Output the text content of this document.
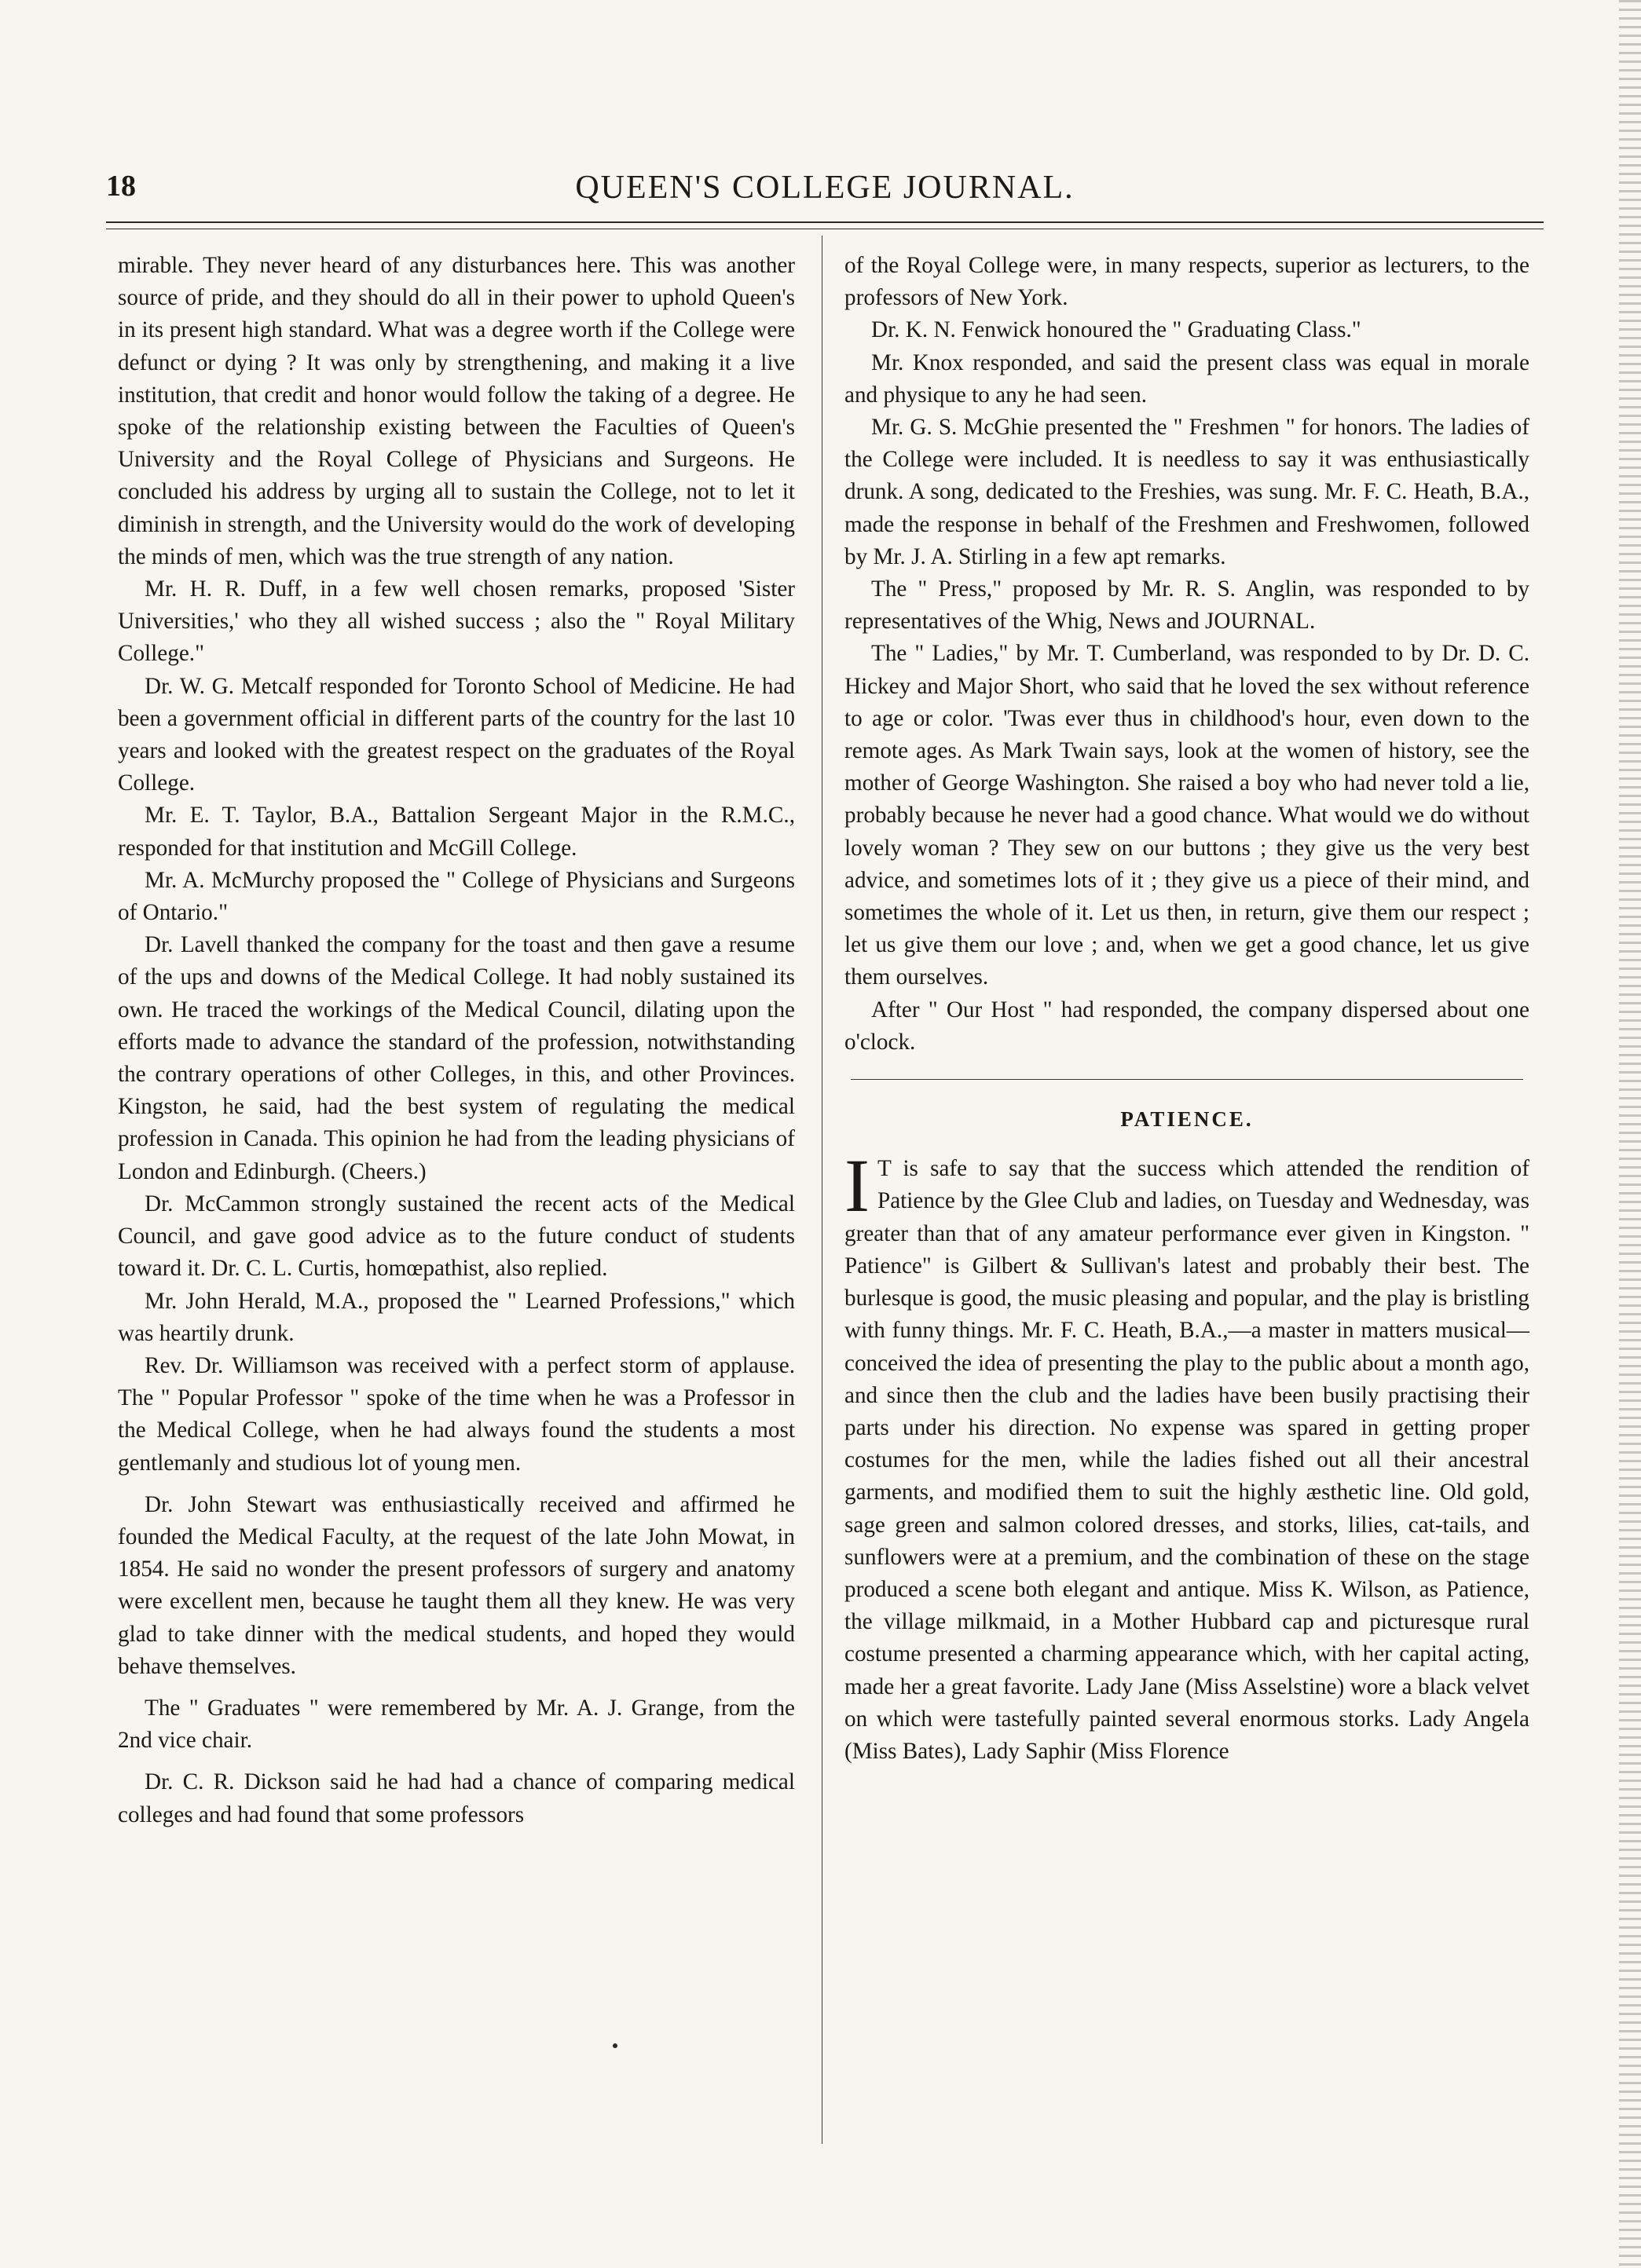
18	QUEEN'S COLLEGE JOURNAL.

mirable. They never heard of any disturbances here. This was another source of pride, and they should do all in their power to uphold Queen's in its present high standard. What was a degree worth if the College were defunct or dying ? It was only by strengthening, and making it a live institution, that credit and honor would follow the taking of a degree. He spoke of the relationship existing between the Faculties of Queen's University and the Royal College of Physicians and Surgeons. He concluded his address by urging all to sustain the College, not to let it diminish in strength, and the University would do the work of developing the minds of men, which was the true strength of any nation.

Mr. H. R. Duff, in a few well chosen remarks, proposed 'Sister Universities,' who they all wished success ; also the " Royal Military College."

Dr. W. G. Metcalf responded for Toronto School of Medicine. He had been a government official in different parts of the country for the last 10 years and looked with the greatest respect on the graduates of the Royal College.

Mr. E. T. Taylor, B.A., Battalion Sergeant Major in the R.M.C., responded for that institution and McGill College.

Mr. A. McMurchy proposed the " College of Physicians and Surgeons of Ontario."

Dr. Lavell thanked the company for the toast and then gave a resume of the ups and downs of the Medical College. It had nobly sustained its own. He traced the workings of the Medical Council, dilating upon the efforts made to advance the standard of the profession, notwithstanding the contrary operations of other Colleges, in this, and other Provinces. Kingston, he said, had the best system of regulating the medical profession in Canada. This opinion he had from the leading physicians of London and Edinburgh. (Cheers.)

Dr. McCammon strongly sustained the recent acts of the Medical Council, and gave good advice as to the future conduct of students toward it. Dr. C. L. Curtis, homœpathist, also replied.

Mr. John Herald, M.A., proposed the " Learned Professions," which was heartily drunk.

Rev. Dr. Williamson was received with a perfect storm of applause. The " Popular Professor " spoke of the time when he was a Professor in the Medical College, when he had always found the students a most gentlemanly and studious lot of young men.

Dr. John Stewart was enthusiastically received and affirmed he founded the Medical Faculty, at the request of the late John Mowat, in 1854. He said no wonder the present professors of surgery and anatomy were excellent men, because he taught them all they knew. He was very glad to take dinner with the medical students, and hoped they would behave themselves.

The " Graduates " were remembered by Mr. A. J. Grange, from the 2nd vice chair.

Dr. C. R. Dickson said he had had a chance of comparing medical colleges and had found that some professors

of the Royal College were, in many respects, superior as lecturers, to the professors of New York.

Dr. K. N. Fenwick honoured the " Graduating Class."

Mr. Knox responded, and said the present class was equal in morale and physique to any he had seen.

Mr. G. S. McGhie presented the " Freshmen " for honors. The ladies of the College were included. It is needless to say it was enthusiastically drunk. A song, dedicated to the Freshies, was sung. Mr. F. C. Heath, B.A., made the response in behalf of the Freshmen and Freshwomen, followed by Mr. J. A. Stirling in a few apt remarks.

The " Press," proposed by Mr. R. S. Anglin, was responded to by representatives of the Whig, News and JOURNAL.

The " Ladies," by Mr. T. Cumberland, was responded to by Dr. D. C. Hickey and Major Short, who said that he loved the sex without reference to age or color. 'Twas ever thus in childhood's hour, even down to the remote ages. As Mark Twain says, look at the women of history, see the mother of George Washington. She raised a boy who had never told a lie, probably because he never had a good chance. What would we do without lovely woman ? They sew on our buttons ; they give us the very best advice, and sometimes lots of it ; they give us a piece of their mind, and sometimes the whole of it. Let us then, in return, give them our respect ; let us give them our love ; and, when we get a good chance, let us give them ourselves.

After " Our Host " had responded, the company dispersed about one o'clock.

PATIENCE.

I T is safe to say that the success which attended the rendition of Patience by the Glee Club and ladies, on Tuesday and Wednesday, was greater than that of any amateur performance ever given in Kingston. " Patience" is Gilbert & Sullivan's latest and probably their best. The burlesque is good, the music pleasing and popular, and the play is bristling with funny things. Mr. F. C. Heath, B.A.,—a master in matters musical—conceived the idea of presenting the play to the public about a month ago, and since then the club and the ladies have been busily practising their parts under his direction. No expense was spared in getting proper costumes for the men, while the ladies fished out all their ancestral garments, and modified them to suit the highly æsthetic line. Old gold, sage green and salmon colored dresses, and storks, lilies, cat-tails, and sunflowers were at a premium, and the combination of these on the stage produced a scene both elegant and antique. Miss K. Wilson, as Patience, the village milkmaid, in a Mother Hubbard cap and picturesque rural costume presented a charming appearance which, with her capital acting, made her a great favorite. Lady Jane (Miss Asselstine) wore a black velvet on which were tastefully painted several enormous storks. Lady Angela (Miss Bates), Lady Saphir (Miss Florence
